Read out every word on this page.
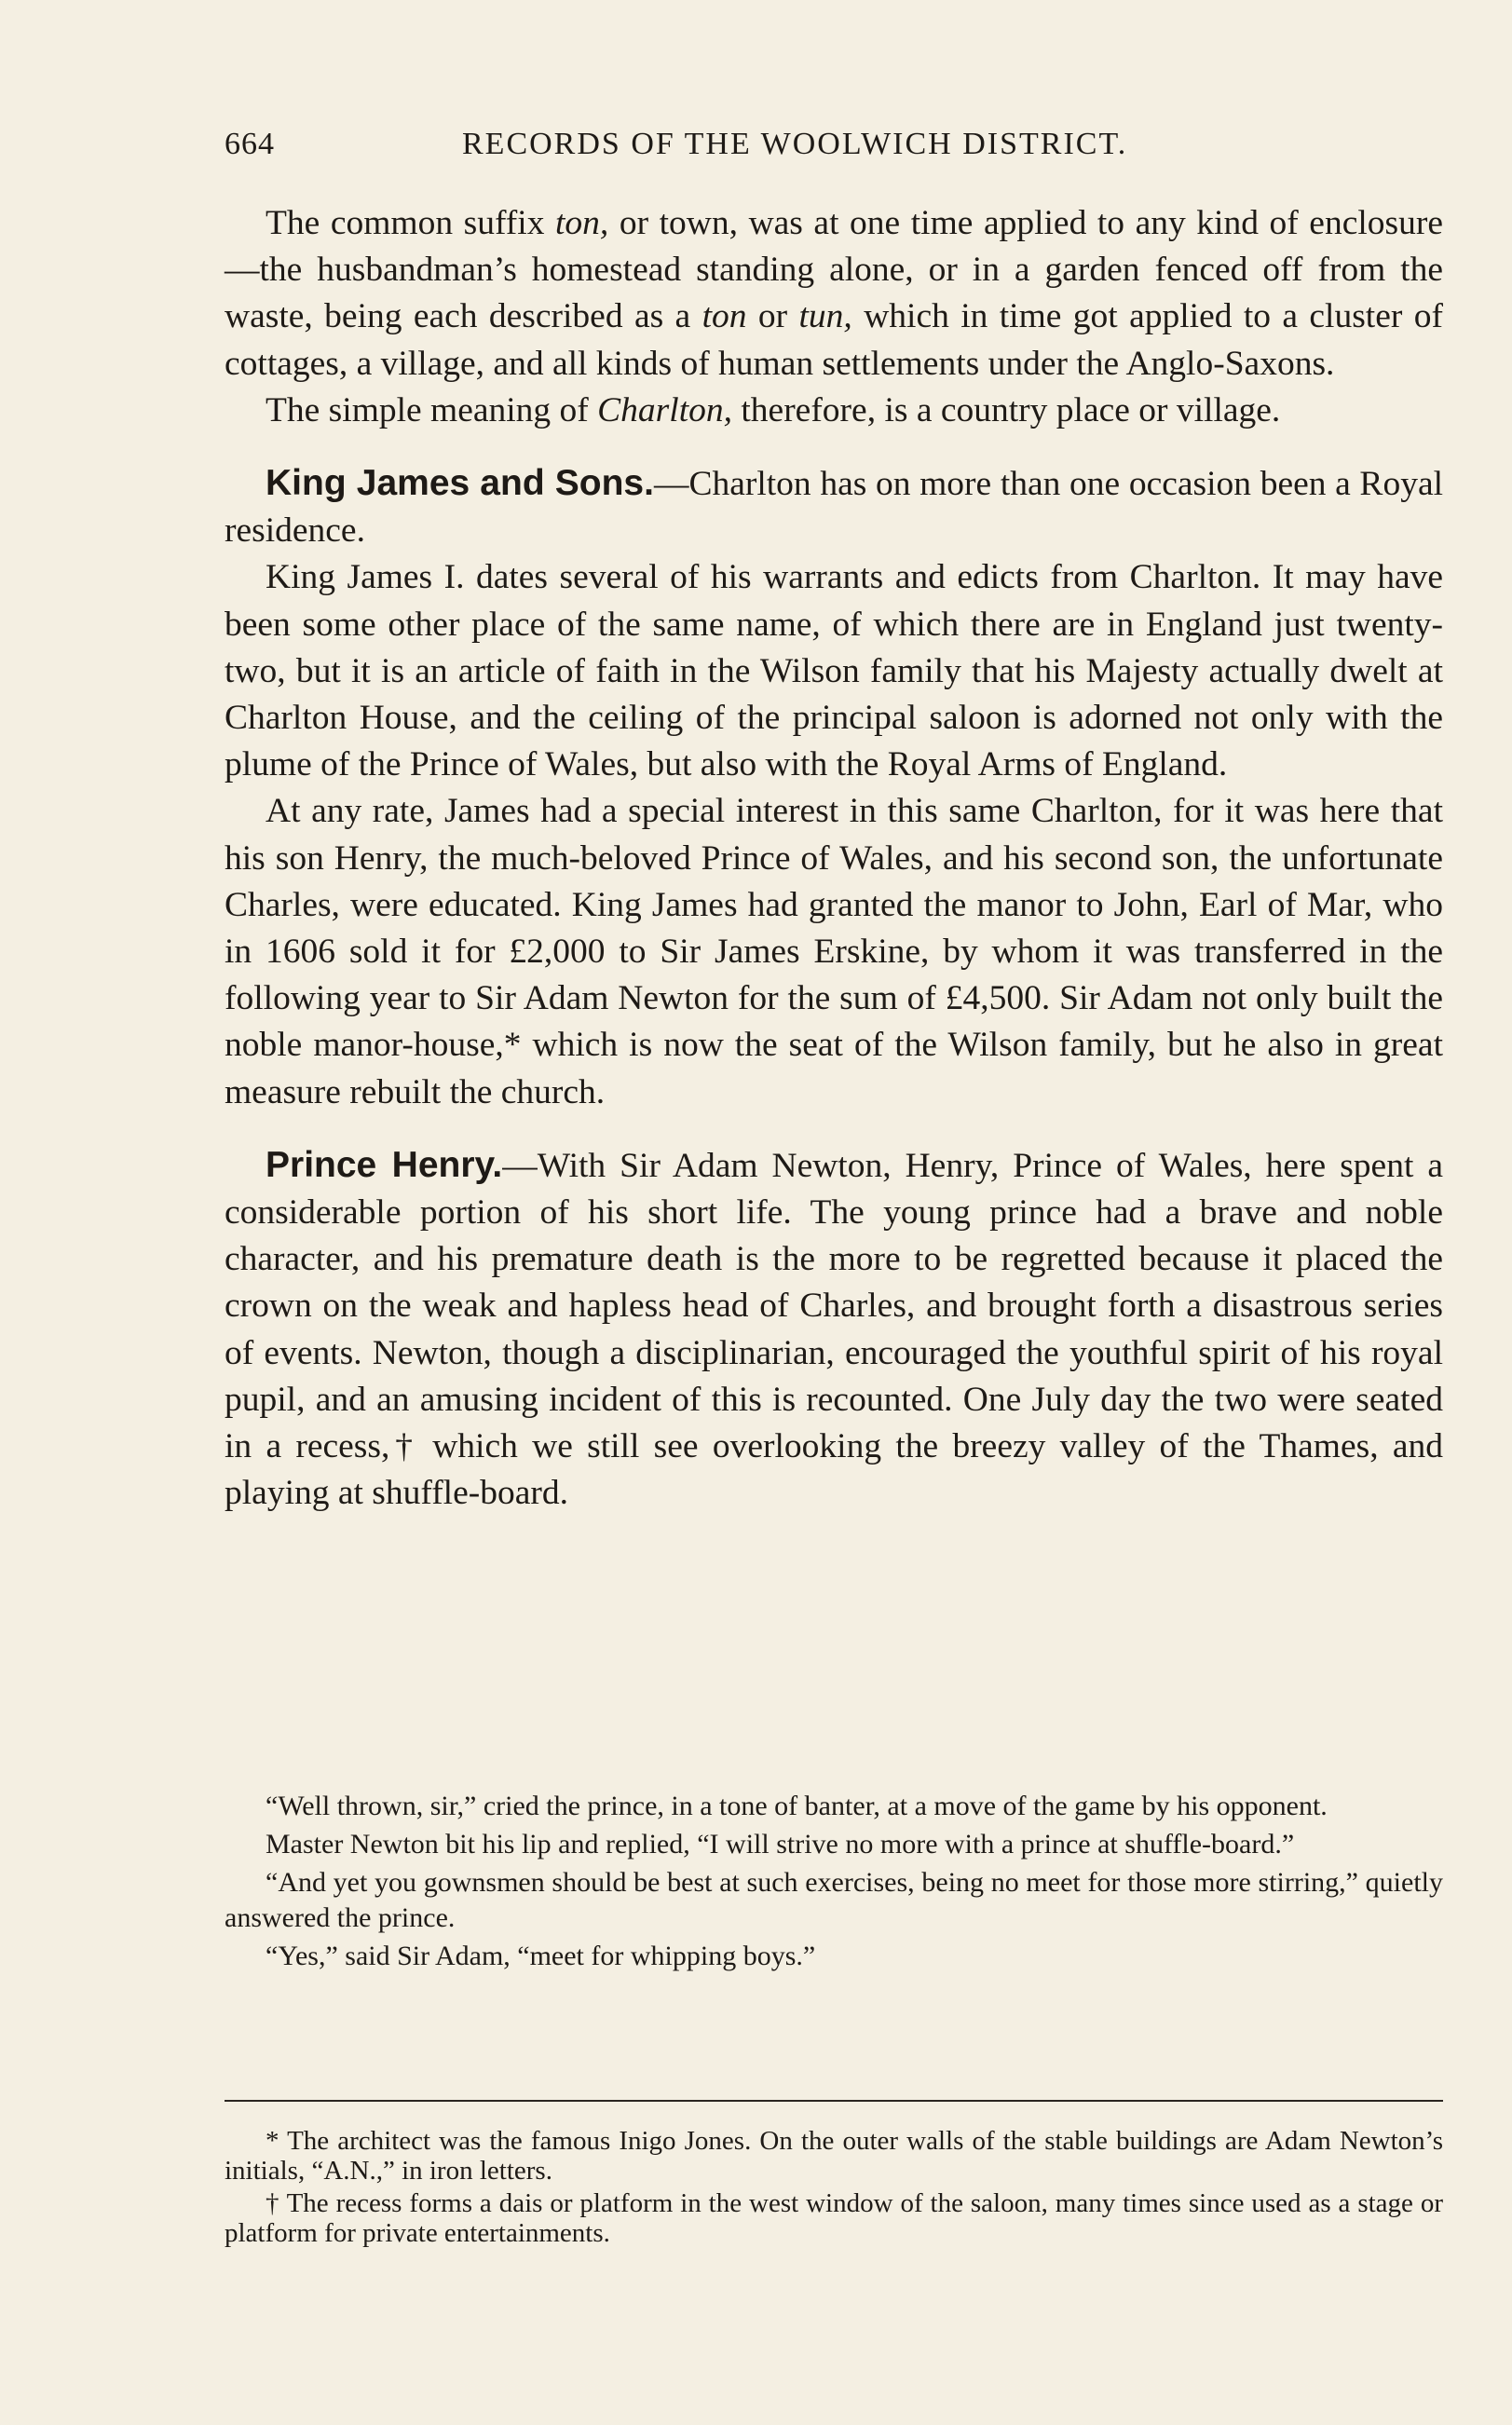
664	RECORDS OF THE WOOLWICH DISTRICT.

The common suffix ton, or town, was at one time applied to any kind of enclosure—the husbandman’s homestead standing alone, or in a garden fenced off from the waste, being each described as a ton or tun, which in time got applied to a cluster of cottages, a village, and all kinds of human settlements under the Anglo-Saxons.

The simple meaning of Charlton, therefore, is a country place or village.

King James and Sons.—Charlton has on more than one occasion been a Royal residence.

King James I. dates several of his warrants and edicts from Charlton. It may have been some other place of the same name, of which there are in England just twenty-two, but it is an article of faith in the Wilson family that his Majesty actually dwelt at Charlton House, and the ceiling of the principal saloon is adorned not only with the plume of the Prince of Wales, but also with the Royal Arms of England.

At any rate, James had a special interest in this same Charlton, for it was here that his son Henry, the much-beloved Prince of Wales, and his second son, the unfortunate Charles, were educated. King James had granted the manor to John, Earl of Mar, who in 1606 sold it for £2,000 to Sir James Erskine, by whom it was transferred in the following year to Sir Adam Newton for the sum of £4,500. Sir Adam not only built the noble manor-house,* which is now the seat of the Wilson family, but he also in great measure rebuilt the church.

Prince Henry.—With Sir Adam Newton, Henry, Prince of Wales, here spent a considerable portion of his short life. The young prince had a brave and noble character, and his premature death is the more to be regretted because it placed the crown on the weak and hapless head of Charles, and brought forth a disastrous series of events. Newton, though a disciplinarian, encouraged the youthful spirit of his royal pupil, and an amusing incident of this is recounted. One July day the two were seated in a recess,† which we still see overlooking the breezy valley of the Thames, and playing at shuffle-board.

“Well thrown, sir,” cried the prince, in a tone of banter, at a move of the game by his opponent.

Master Newton bit his lip and replied, “I will strive no more with a prince at shuffle-board.”

“And yet you gownsmen should be best at such exercises, being no meet for those more stirring,” quietly answered the prince.

“Yes,” said Sir Adam, “meet for whipping boys.”

* The architect was the famous Inigo Jones. On the outer walls of the stable buildings are Adam Newton’s initials, “A.N.,” in iron letters.

† The recess forms a dais or platform in the west window of the saloon, many times since used as a stage or platform for private entertainments.
